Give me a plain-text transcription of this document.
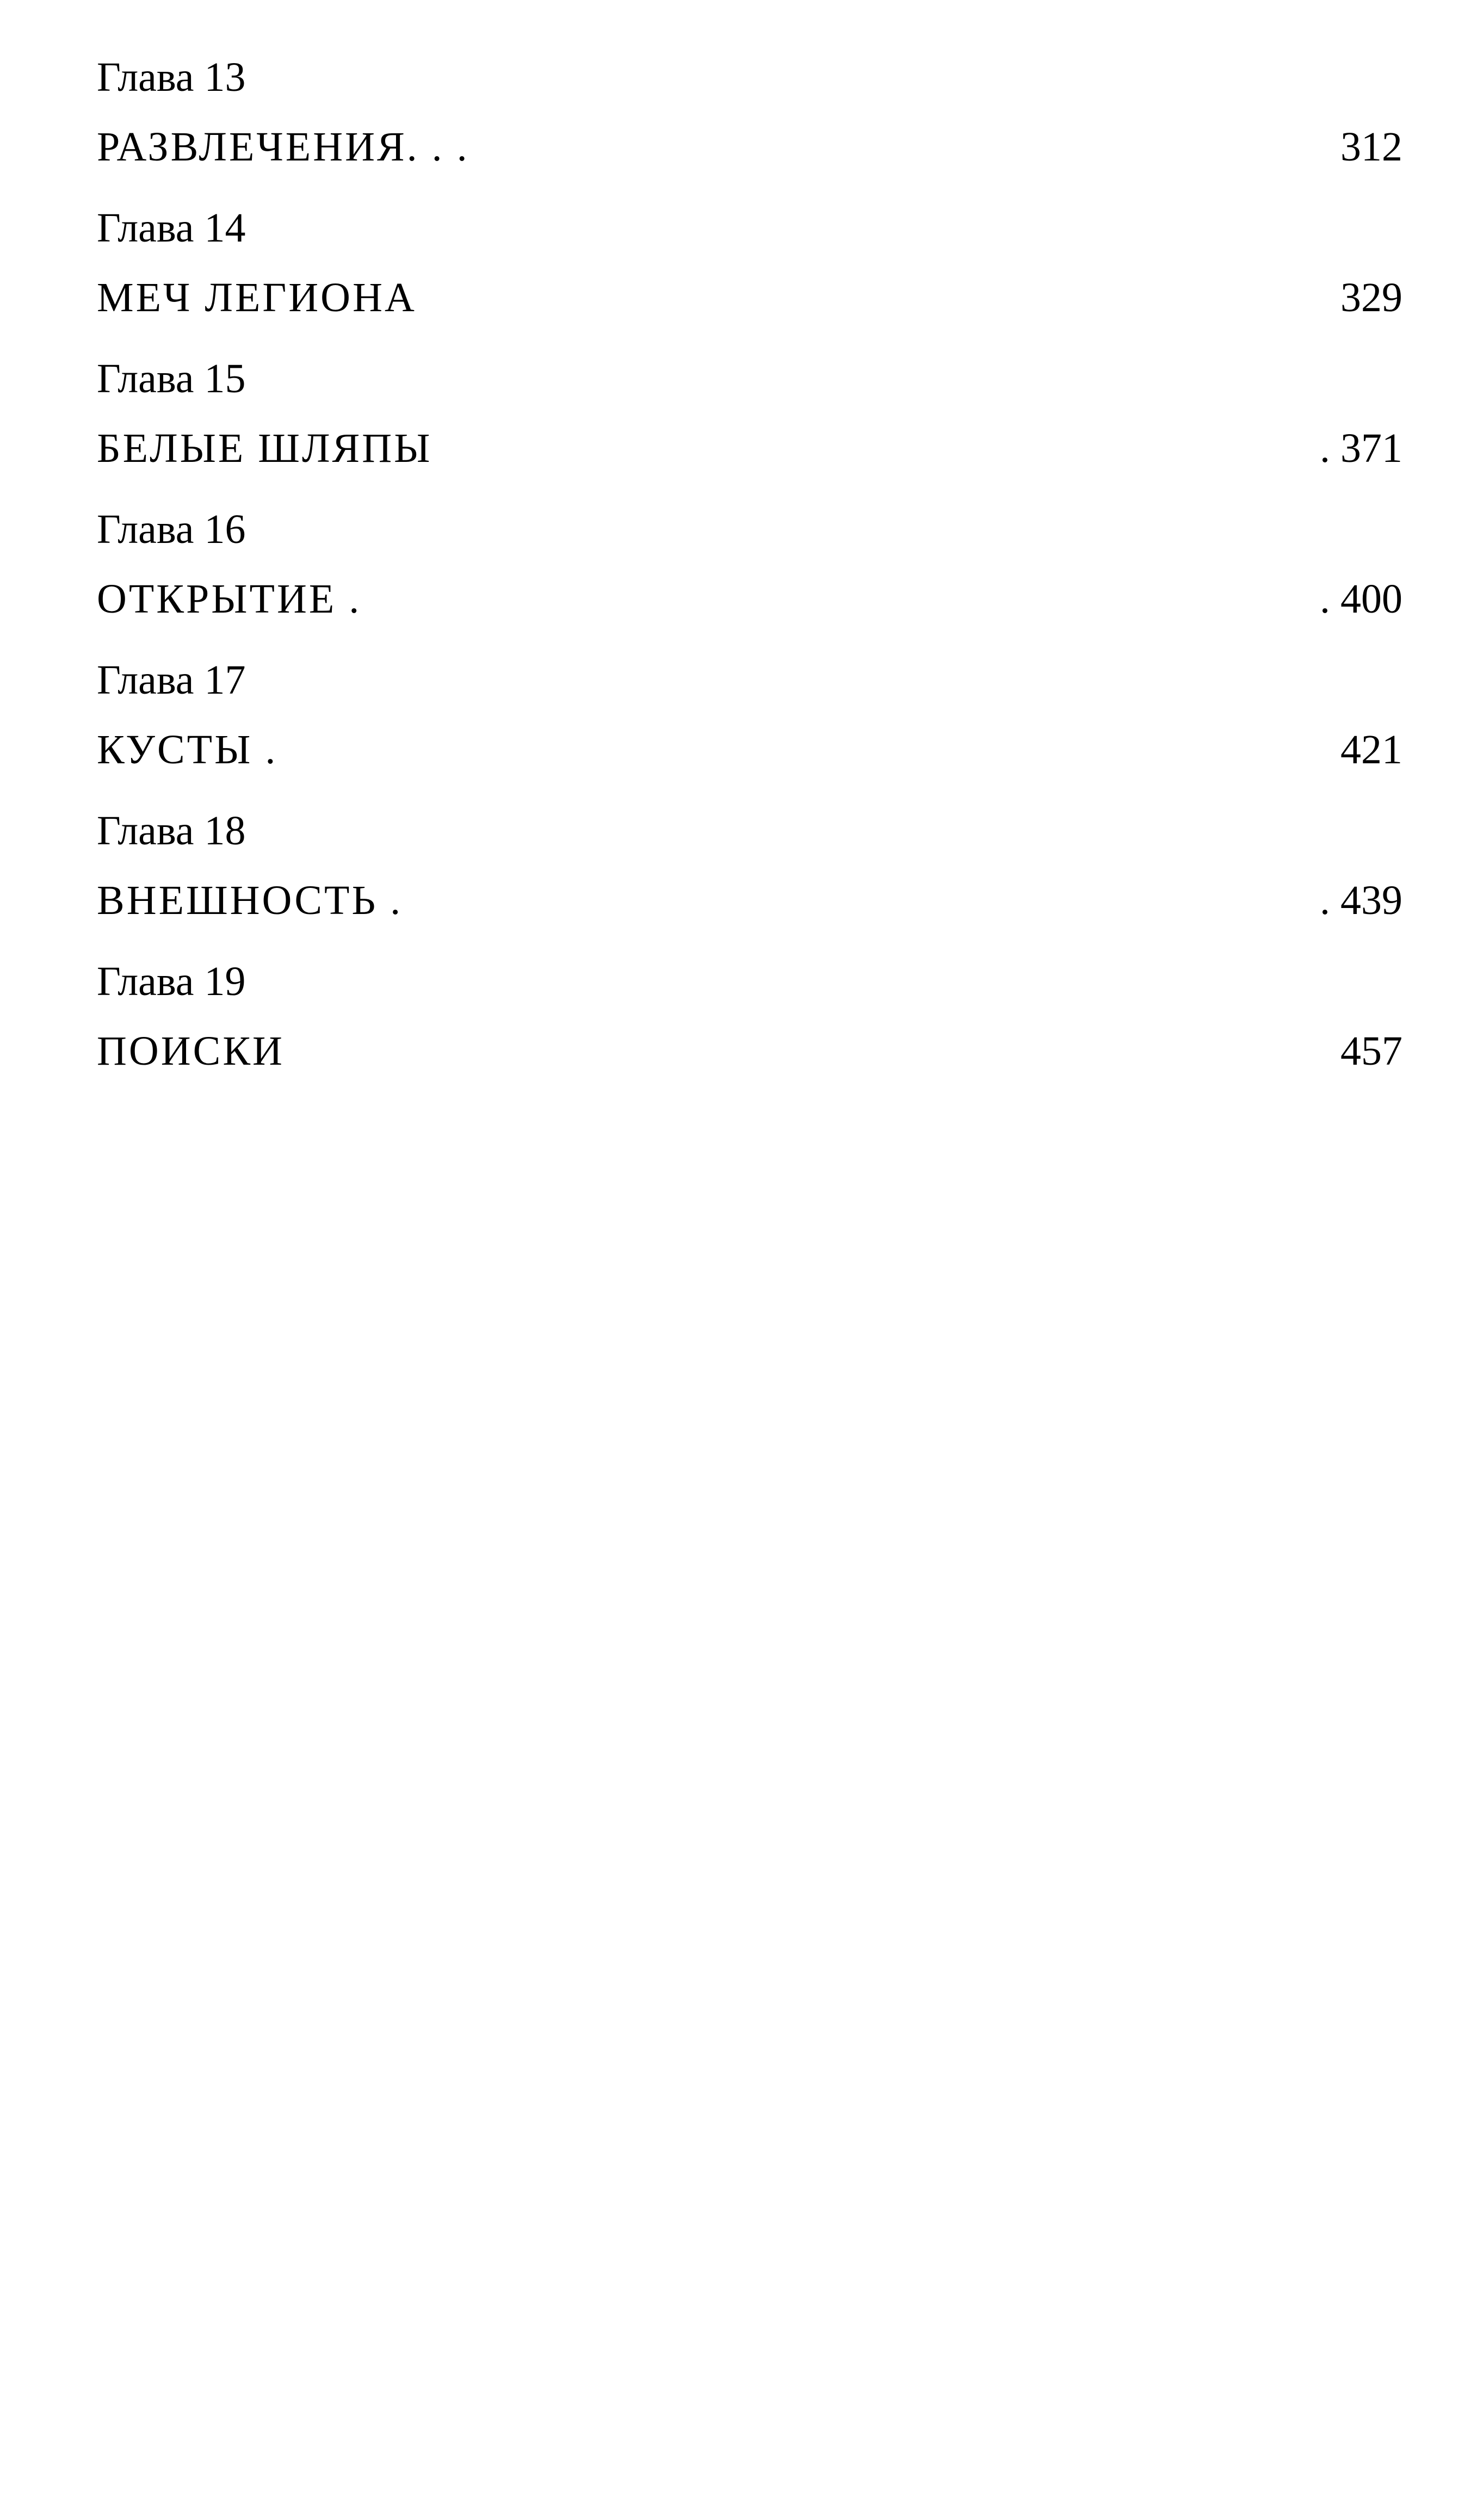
Глава 13
РАЗВЛЕЧЕНИЯ. . .	312
Глава 14
МЕЧ ЛЕГИОНА	329
Глава 15
БЕЛЫЕ ШЛЯПЫ	. 371
Глава 16
ОТКРЫТИЕ .	. 400
Глава 17
КУСТЫ .	421
Глава 18
ВНЕШНОСТЬ .	. 439
Глава 19
ПОИСКИ	457
